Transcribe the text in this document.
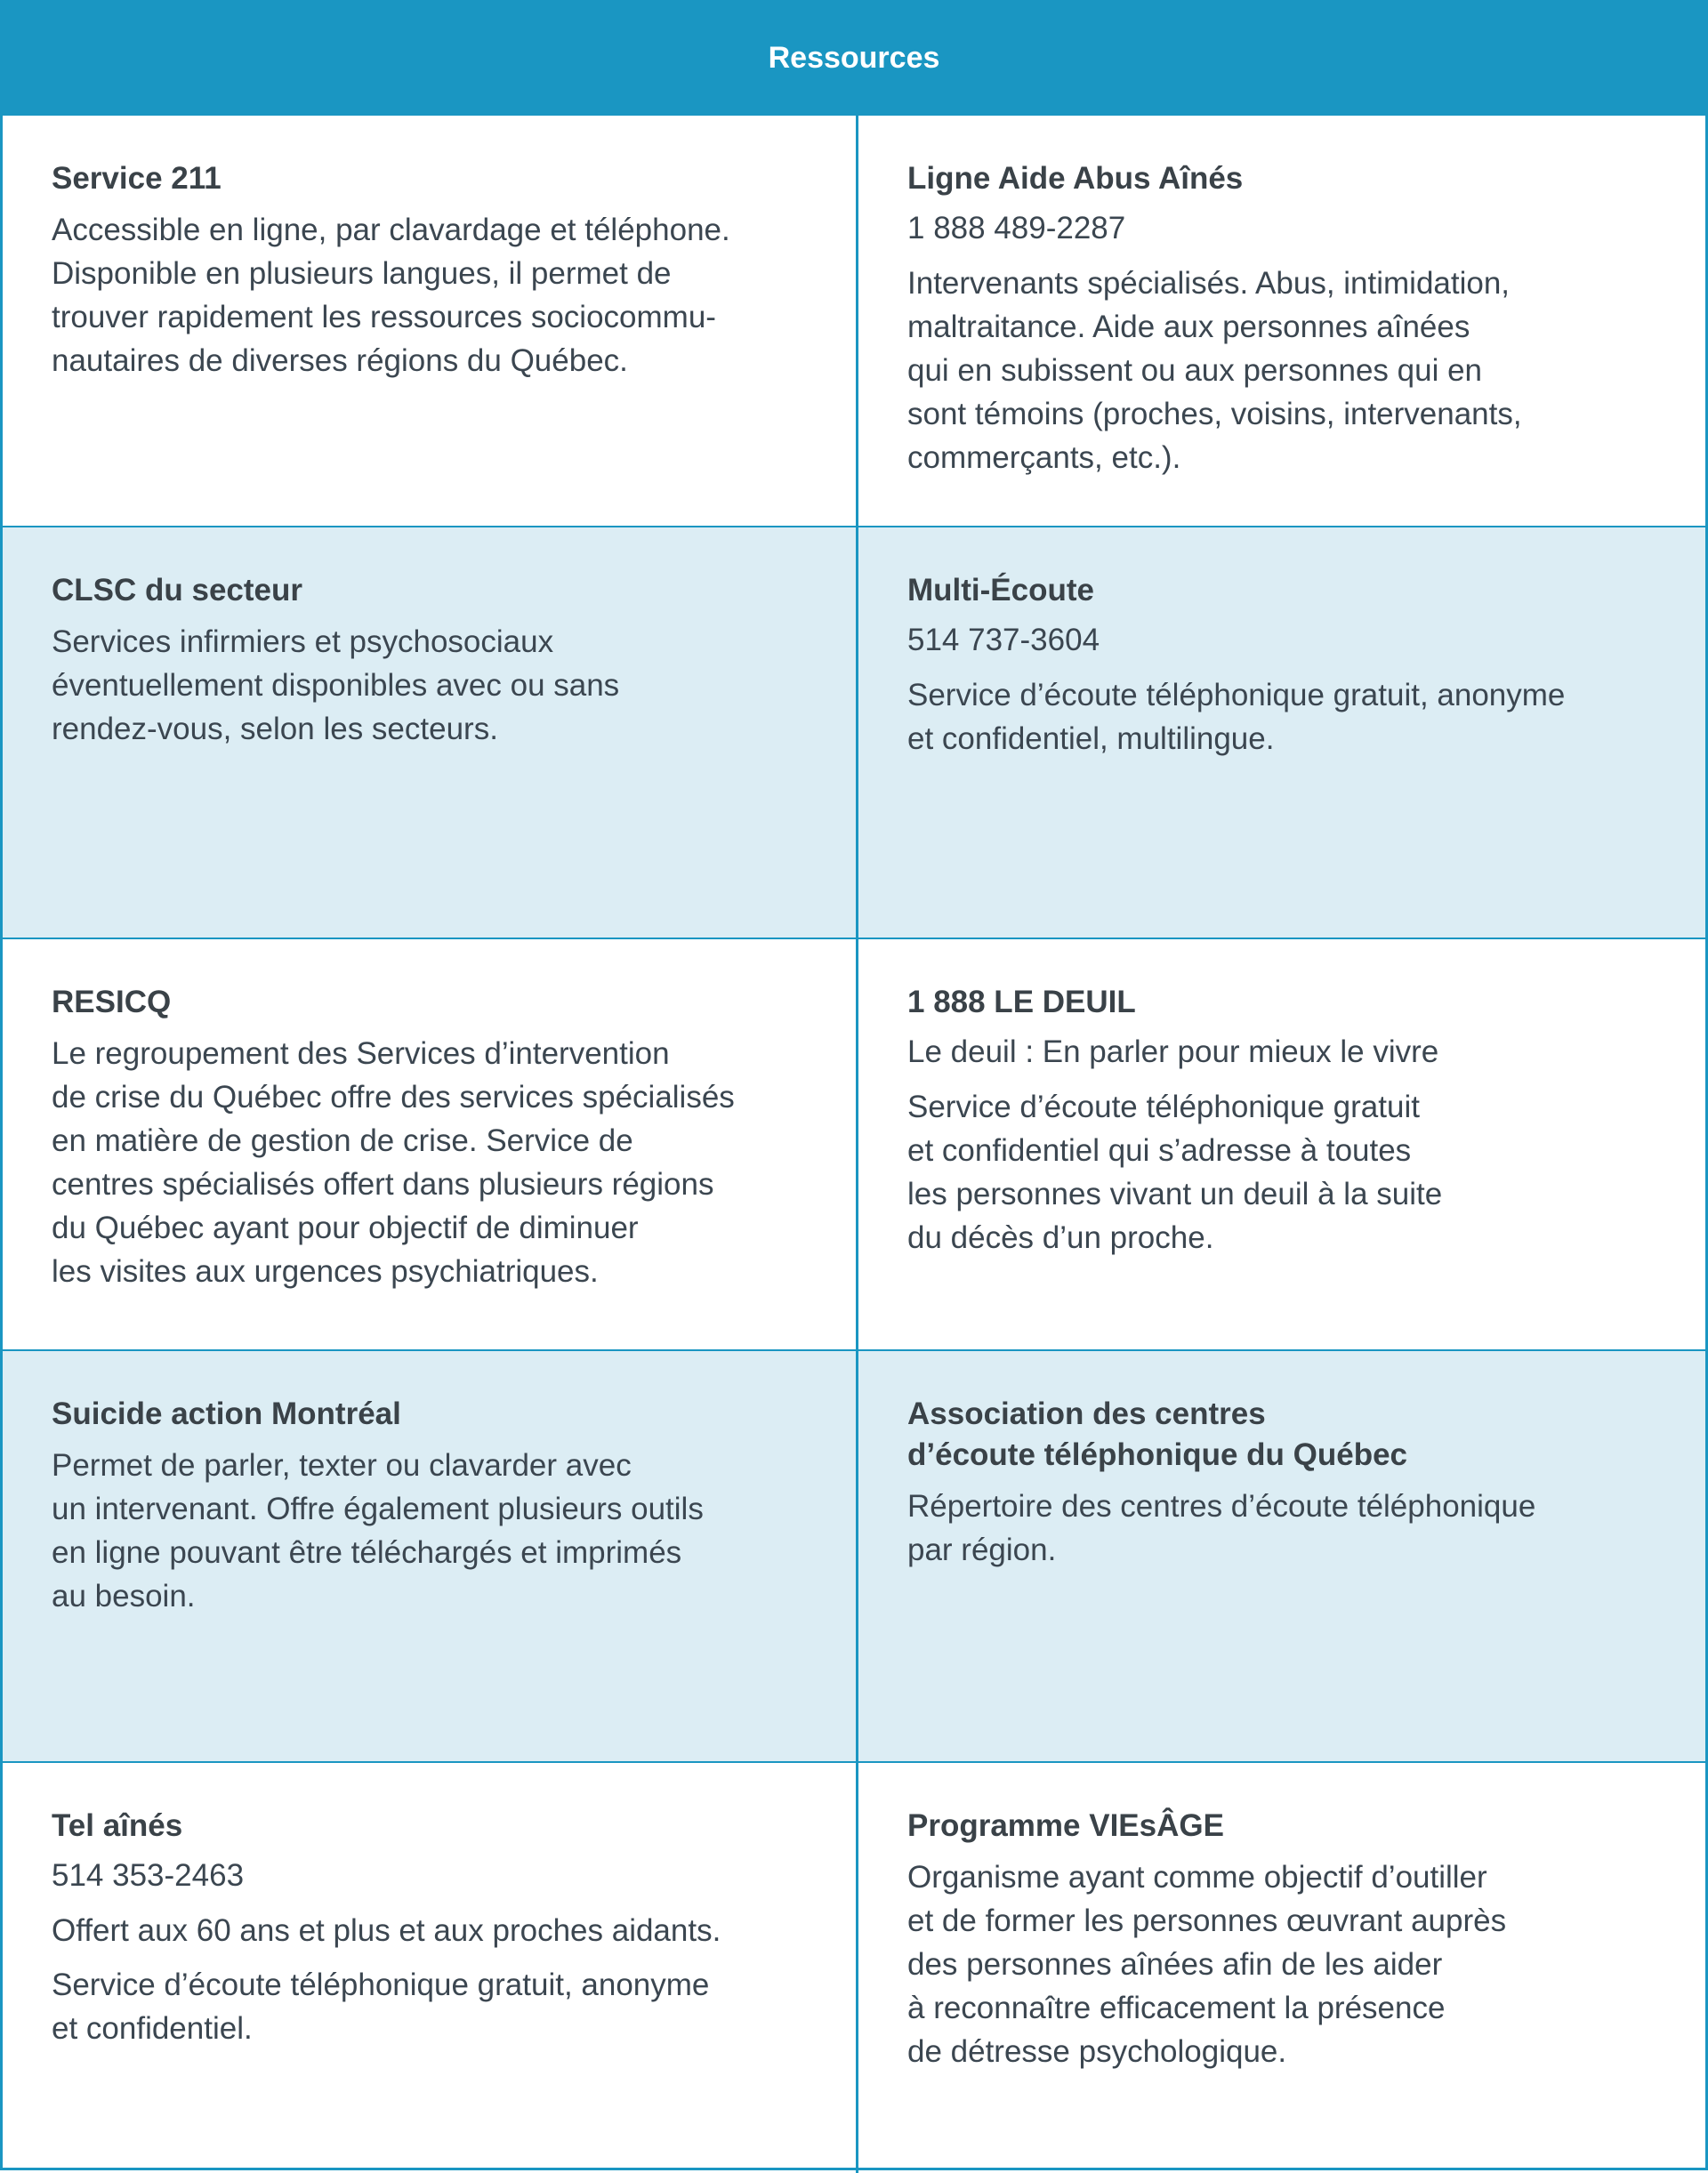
Ressources
Service 211
Accessible en ligne, par clavardage et téléphone.
Disponible en plusieurs langues, il permet de
trouver rapidement les ressources sociocommu-
nautaires de diverses régions du Québec.
Ligne Aide Abus Aînés
1 888 489-2287
Intervenants spécialisés. Abus, intimidation,
maltraitance. Aide aux personnes aînées
qui en subissent ou aux personnes qui en
sont témoins (proches, voisins, intervenants,
commerçants, etc.).
CLSC du secteur
Services infirmiers et psychosociaux
éventuellement disponibles avec ou sans
rendez-vous, selon les secteurs.
Multi-Écoute
514 737-3604
Service d’écoute téléphonique gratuit, anonyme
et confidentiel, multilingue.
RESICQ
Le regroupement des Services d’intervention
de crise du Québec offre des services spécialisés
en matière de gestion de crise. Service de
centres spécialisés offert dans plusieurs régions
du Québec ayant pour objectif de diminuer
les visites aux urgences psychiatriques.
1 888 LE DEUIL
Le deuil : En parler pour mieux le vivre
Service d’écoute téléphonique gratuit
et confidentiel qui s’adresse à toutes
les personnes vivant un deuil à la suite
du décès d’un proche.
Suicide action Montréal
Permet de parler, texter ou clavarder avec
un intervenant. Offre également plusieurs outils
en ligne pouvant être téléchargés et imprimés
au besoin.
Association des centres
d’écoute téléphonique du Québec
Répertoire des centres d’écoute téléphonique
par région.
Tel aînés
514 353-2463
Offert aux 60 ans et plus et aux proches aidants.
Service d’écoute téléphonique gratuit, anonyme
et confidentiel.
Programme VIEsÂGE
Organisme ayant comme objectif d’outiller
et de former les personnes œuvrant auprès
des personnes aînées afin de les aider
à reconnaître efficacement la présence
de détresse psychologique.
